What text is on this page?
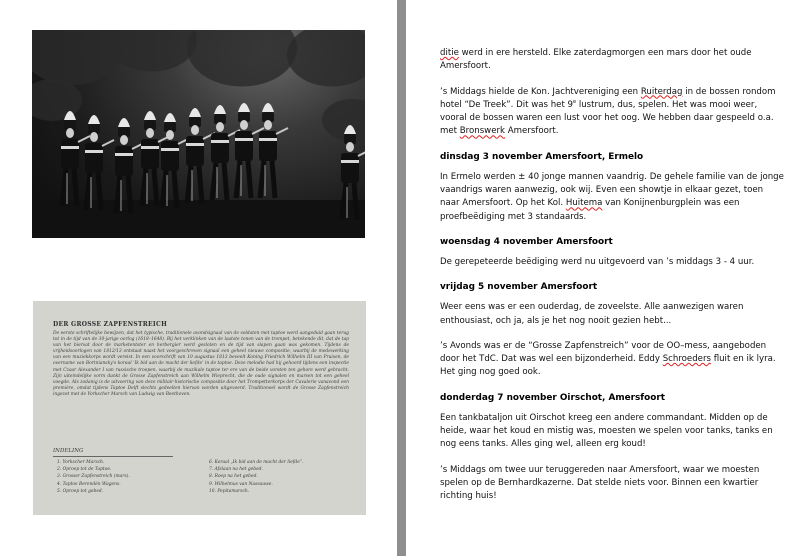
DER GROSSE ZAPFENSTREICH

De eerste schriftelijke bewijzen, dat het typische, traditionele avondsignaal van de soldaten met taptoe werd aangeduid gaan terug tot in de tijd van de 30-jarige oorlog (1618–1648). Bij het verklinken van de laatste tonen van de trompet, betekende dit, dat de tap van het biervat door de marketentster en herbergier werd gesloten en de tijd van slapen gaan was gekomen. Tijdens de vrijheidsoorlogen van 1812/13 ontstaat naast het voorgeschreven signaal een geheel nieuwe compositie, waarbij de medewerking van een muziekkorps wordt vereist. In een voorschrift van 10 augustus 1813 beveelt Koning Friedrich Wilhelm III van Pruisen, de overname van Bortniansky's koraal ‘Ik bid aan de macht der liefde’ in de taptoe. Deze melodie had hij gehoord tijdens een inspectie met Czaar Alexander I van russische troepen, waarbij de muzikale taptoe ter ere van de beide vorsten ten gehore werd gebracht. Zijn uiteindelijke vorm dankt de Grosse Zapfenstreich aan Wilhelm Wieprecht, die de oude signalen en marsen tot een geheel voegde. Als zodanig is de uitvoering van deze militair-historische compositie door het Trompetterkorps der Cavalerie vanavond een première, omdat tijdens Taptoe Delft slechts gedeelten hiervan worden uitgevoerd. Traditioneel wordt de Grosse Zapfenstreich ingezet met de Yorkscher Marsch van Ludwig van Beethoven.

INDELING
1. Yorkscher Marsch.
2. Oproep tot de Taptoe.
3. Grosser Zapfenstreich (mars).
4. Taptoe Berendén Wagens.
5. Oproep tot gebed.
6. Koraal „Ik bid aan de macht der liefde”.
7. Afslaan na het gebed.
8. Roep na het gebed.
9. Wilhelmus van Nassauwe.
10. Pepitamarsch.

ditie werd in ere hersteld. Elke zaterdagmorgen een mars door het oude Amersfoort.

’s Middags hielde de Kon. Jachtvereniging een Ruiterdag in de bossen rondom hotel “De Treek”. Dit was het 9e lustrum, dus, spelen. Het was mooi weer, vooral de bossen waren een lust voor het oog. We hebben daar gespeeld o.a. met Bronswerk Amersfoort.

dinsdag 3 november Amersfoort, Ermelo

In Ermelo werden ± 40 jonge mannen vaandrig. De gehele familie van de jonge vaandrigs waren aanwezig, ook wij. Even een showtje in elkaar gezet, toen naar Amersfoort. Op het Kol. Huitema van Konijnenburgplein was een proefbeëdiging met 3 standaards.

woensdag 4 november Amersfoort

De gerepeteerde beëdiging werd nu uitgevoerd van ’s middags 3 - 4 uur.

vrijdag 5 november Amersfoort

Weer eens was er een ouderdag, de zoveelste. Alle aanwezigen waren enthousiast, och ja, als je het nog nooit gezien hebt...

’s Avonds was er de “Grosse Zapfenstreich” voor de OO–mess, aangeboden door het TdC. Dat was wel een bijzonderheid. Eddy Schroeders fluit en ik lyra. Het ging nog goed ook.

donderdag 7 november Oirschot, Amersfoort

Een tankbataljon uit Oirschot kreeg een andere commandant. Midden op de heide, waar het koud en mistig was, moesten we spelen voor tanks, tanks en nog eens tanks. Alles ging wel, alleen erg koud!

’s Middags om twee uur teruggereden naar Amersfoort, waar we moesten spelen op de Bernhardkazerne. Dat stelde niets voor. Binnen een kwartier richting huis!
